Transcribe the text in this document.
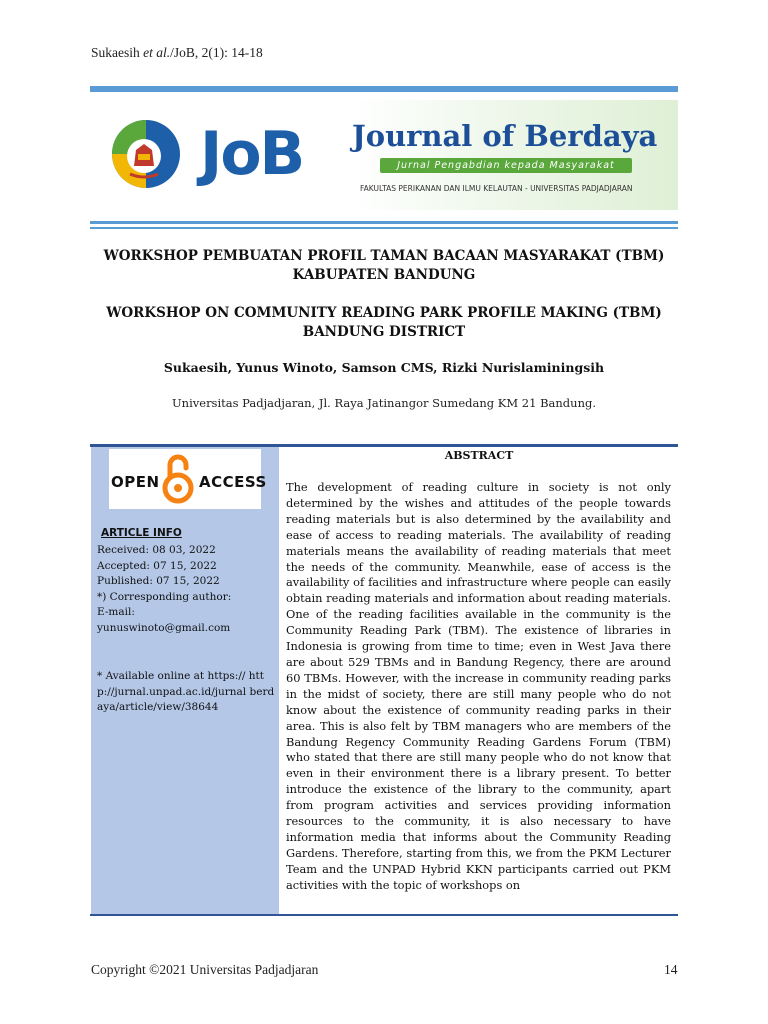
Sukaesih et al./JoB, 2(1): 14-18
JoB Journal of Berdaya
Jurnal Pengabdian kepada Masyarakat
FAKULTAS PERIKANAN DAN ILMU KELAUTAN - UNIVERSITAS PADJADJARAN
WORKSHOP PEMBUATAN PROFIL TAMAN BACAAN MASYARAKAT (TBM) KABUPATEN BANDUNG
WORKSHOP ON COMMUNITY READING PARK PROFILE MAKING (TBM) BANDUNG DISTRICT
Sukaesih, Yunus Winoto, Samson CMS, Rizki Nurislaminingsih
Universitas Padjadjaran, Jl. Raya Jatinangor Sumedang KM 21 Bandung.
OPEN	ACCESS
ARTICLE INFO
Received: 08 03, 2022
Accepted: 07 15, 2022
Published: 07 15, 2022
*) Corresponding author:
E-mail:
yunuswinoto@gmail.com
* Available online at https:// http://jurnal.unpad.ac.id/jurnal berdaya/article/view/38644
ABSTRACT

The development of reading culture in society is not only determined by the wishes and attitudes of the people towards reading materials but is also determined by the availability and ease of access to reading materials. The availability of reading materials means the availability of reading materials that meet the needs of the community. Meanwhile, ease of access is the availability of facilities and infrastructure where people can easily obtain reading materials and information about reading materials. One of the reading facilities available in the community is the Community Reading Park (TBM). The existence of libraries in Indonesia is growing from time to time; even in West Java there are about 529 TBMs and in Bandung Regency, there are around 60 TBMs. However, with the increase in community reading parks in the midst of society, there are still many people who do not know about the existence of community reading parks in their area. This is also felt by TBM managers who are members of the Bandung Regency Community Reading Gardens Forum (TBM) who stated that there are still many people who do not know that even in their environment there is a library present. To better introduce the existence of the library to the community, apart from program activities and services providing information resources to the community, it is also necessary to have information media that informs about the Community Reading Gardens. Therefore, starting from this, we from the PKM Lecturer Team and the UNPAD Hybrid KKN participants carried out PKM activities with the topic of workshops on

Copyright ©2021 Universitas Padjadjaran	14
